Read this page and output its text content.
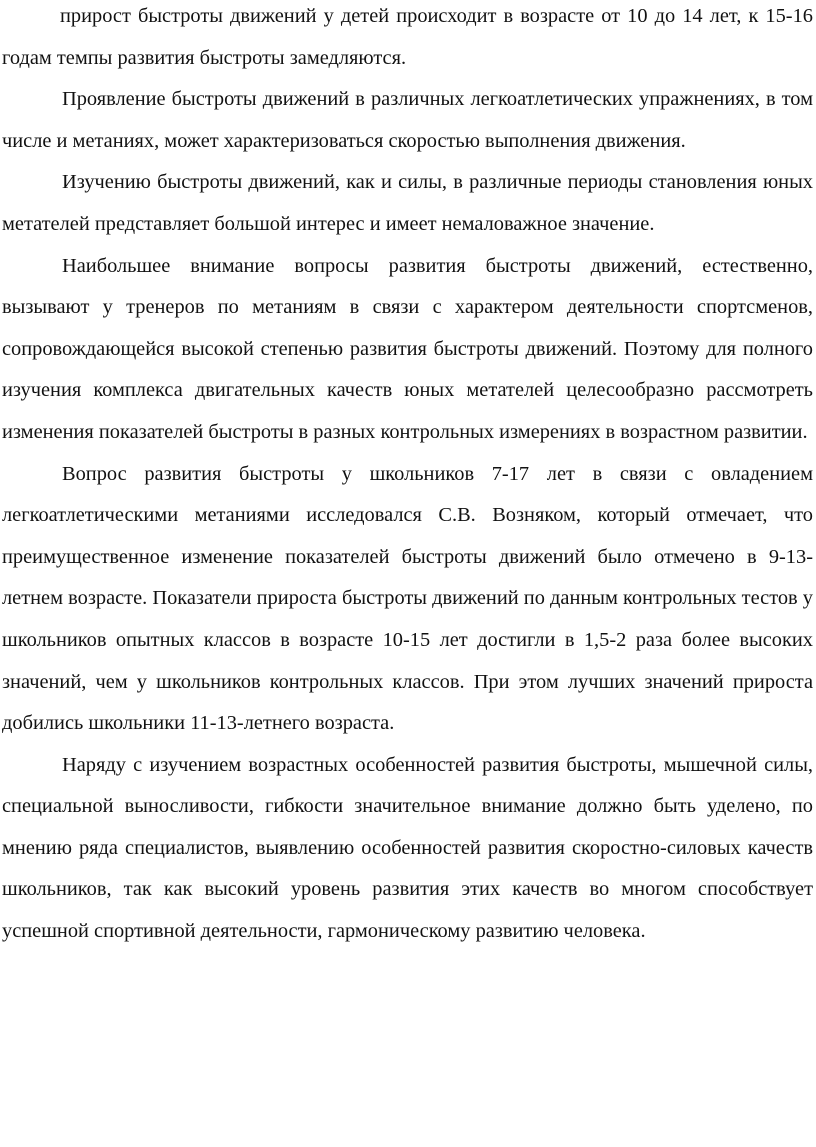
прирост быстроты движений у детей происходит в возрасте от 10 до 14 лет, к 15-16 годам темпы развития быстроты замедляются.

Проявление быстроты движений в различных легкоатлетических упражнениях, в том числе и метаниях, может характеризоваться скоростью выполнения движения.

Изучению быстроты движений, как и силы, в различные периоды становления юных метателей представляет большой интерес и имеет немаловажное значение.

Наибольшее внимание вопросы развития быстроты движений, естественно, вызывают у тренеров по метаниям в связи с характером деятельности спортсменов, сопровождающейся высокой степенью развития быстроты движений. Поэтому для полного изучения комплекса двигательных качеств юных метателей целесообразно рассмотреть изменения показателей быстроты в разных контрольных измерениях в возрастном развитии.

Вопрос развития быстроты у школьников 7-17 лет в связи с овладением легкоатлетическими метаниями исследовался С.В. Возняком, который отмечает, что преимущественное изменение показателей быстроты движений было отмечено в 9-13-летнем возрасте. Показатели прироста быстроты движений по данным контрольных тестов у школьников опытных классов в возрасте 10-15 лет достигли в 1,5-2 раза более высоких значений, чем у школьников контрольных классов. При этом лучших значений прироста добились школьники 11-13-летнего возраста.

Наряду с изучением возрастных особенностей развития быстроты, мышечной силы, специальной выносливости, гибкости значительное внимание должно быть уделено, по мнению ряда специалистов, выявлению особенностей развития скоростно-силовых качеств школьников, так как высокий уровень развития этих качеств во многом способствует успешной спортивной деятельности, гармоническому развитию человека.
